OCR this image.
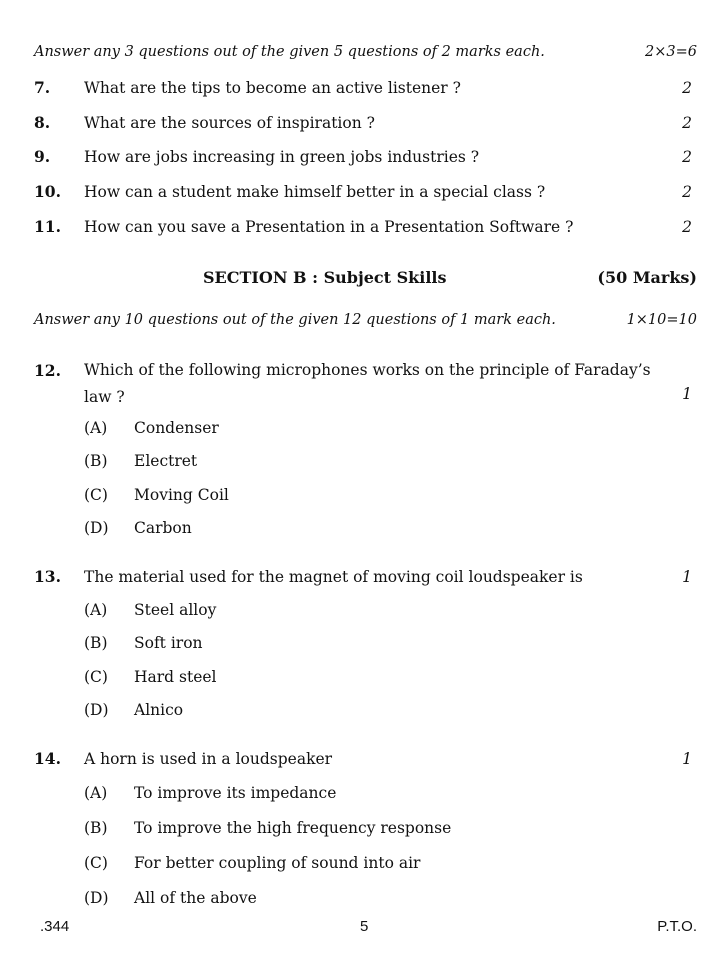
Answer any 3 questions out of the given 5 questions of 2 marks each.	2×3=6
7. What are the tips to become an active listener ?	2
8. What are the sources of inspiration ?	2
9. How are jobs increasing in green jobs industries ?	2
10. How can a student make himself better in a special class ?	2
11. How can you save a Presentation in a Presentation Software ?	2
SECTION B : Subject Skills	(50 Marks)
Answer any 10 questions out of the given 12 questions of 1 mark each.	1×10=10
12. Which of the following microphones works on the principle of Faraday’s law ?	1
(A) Condenser
(B) Electret
(C) Moving Coil
(D) Carbon
13. The material used for the magnet of moving coil loudspeaker is	1
(A) Steel alloy
(B) Soft iron
(C) Hard steel
(D) Alnico
14. A horn is used in a loudspeaker	1
(A) To improve its impedance
(B) To improve the high frequency response
(C) For better coupling of sound into air
(D) All of the above
.344	5	P.T.O.
